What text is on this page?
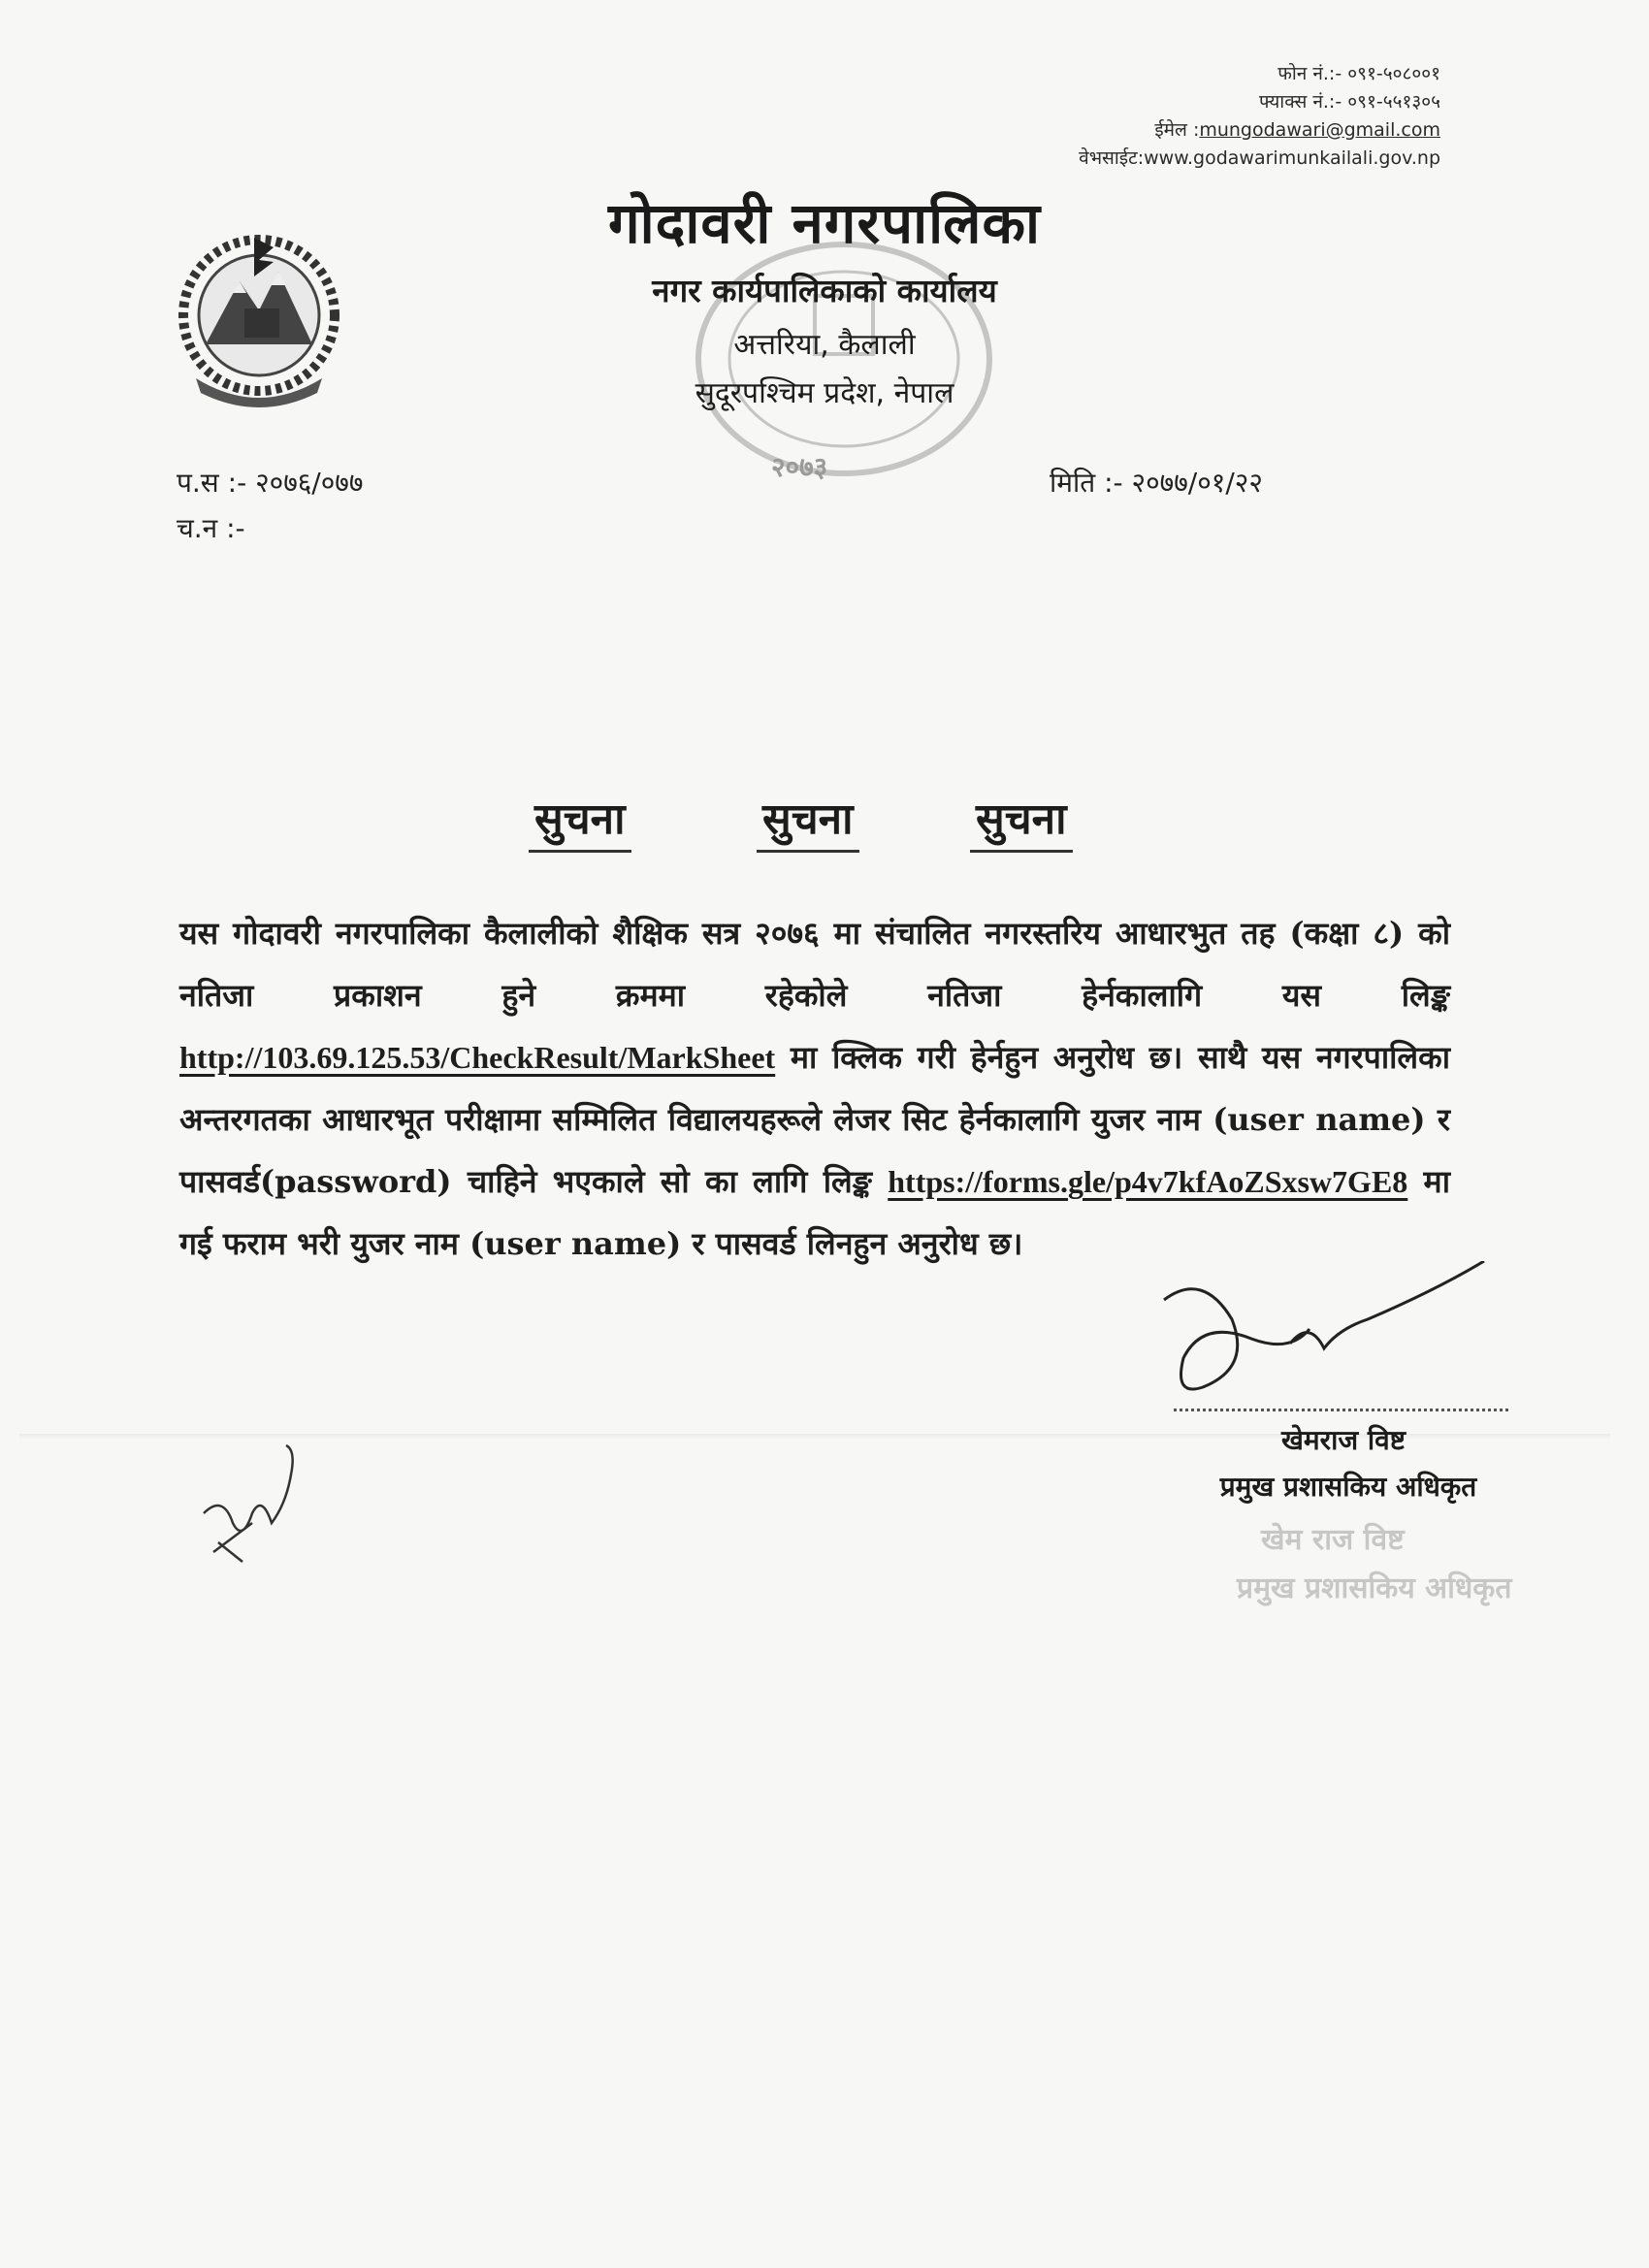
फोन नं.:- ०९१-५०८००१
फ्याक्स नं.:- ०९१-५५१३०५
ईमेल :mungodawari@gmail.com
वेभसाईट:www.godawarimunkailali.gov.np
२०७३
गोदावरी नगरपालिका
नगर कार्यपालिकाको कार्यालय
अत्तरिया, कैलाली
सुदूरपश्चिम प्रदेश, नेपाल
प.स :- २०७६/०७७
च.न :-
मिति :- २०७७/०१/२२
सुचना	सुचना	सुचना
यस गोदावरी नगरपालिका कैलालीको शैक्षिक सत्र २०७६ मा संचालित नगरस्तरिय आधारभुत तह (कक्षा ८) को नतिजा प्रकाशन हुने क्रममा रहेकोले नतिजा हेर्नकालागि यस लिङ्क http://103.69.125.53/CheckResult/MarkSheet मा क्लिक गरी हेर्नहुन अनुरोध छ। साथै यस नगरपालिका अन्तरगतका आधारभूत परीक्षामा सम्मिलित विद्यालयहरूले लेजर सिट हेर्नकालागि युजर नाम (user name) र पासवर्ड(password) चाहिने भएकाले सो का लागि लिङ्क https://forms.gle/p4v7kfAoZSxsw7GE8 मा गई फराम भरी युजर नाम (user name) र पासवर्ड लिनहुन अनुरोध छ।
खेमराज विष्ट
प्रमुख प्रशासकिय अधिकृत
खेम राज विष्ट
प्रमुख प्रशासकिय अधिकृत
